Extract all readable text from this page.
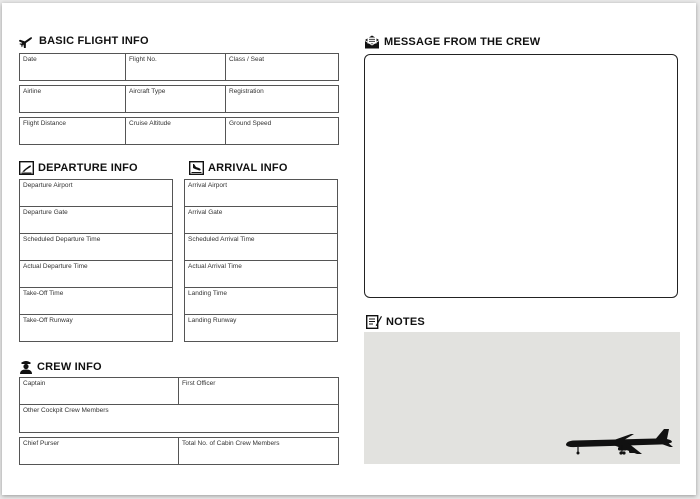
BASIC FLIGHT INFO
Date	Flight No.	Class / Seat
Airline	Aircraft Type	Registration
Flight Distance	Cruise Altitude	Ground Speed
DEPARTURE INFO
Departure Airport
Departure Gate
Scheduled Departure Time
Actual Departure Time
Take-Off Time
Take-Off Runway
ARRIVAL INFO
Arrival Airport
Arrival Gate
Scheduled Arrival Time
Actual Arrival Time
Landing Time
Landing Runway
CREW INFO
Captain	First Officer
Other Cockpit Crew Members
Chief Purser	Total No. of Cabin Crew Members
MESSAGE FROM THE CREW
NOTES
